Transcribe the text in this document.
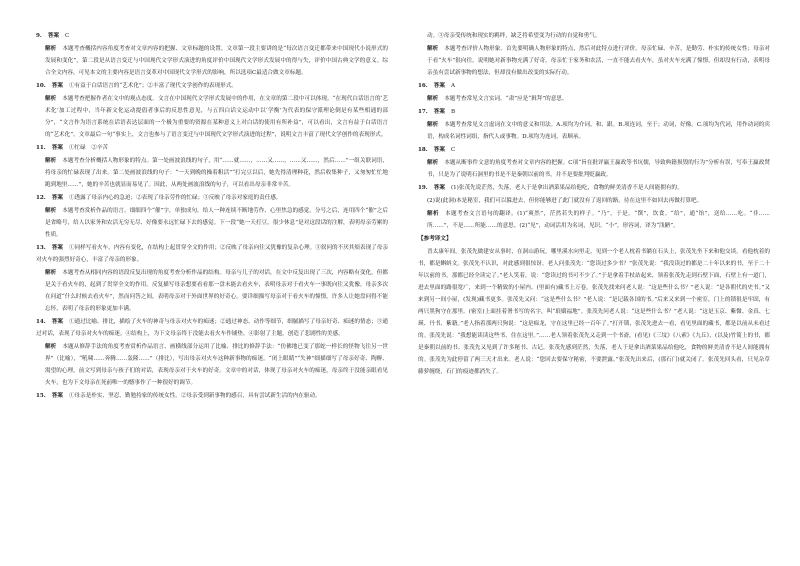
9. 答案 C

解析 本题考查概括内容角度考查对文章内容的把握、文章标题的设置。文章第一段主要讲的是“每次语言变迁都带来中国现代小说形式的发展和变化”，第二段是从语言变迁与中国现代文学形式演进的角度评价中国现代文学形式发展中的得与失，评价中国古典文学的意义。综合全文内容，可见本文的主要内容是语言变革对中国现代文学形式的影响，所以选项C最适合做文章标题。

10. 答案 ①有益于白话语言的“艺术化”；②丰富了现代文学创作的表现形式。

解析 本题考查把握作者在文中的观点态度。文言在中国现代文学形式发展中的作用，在文章的第二段中可以体现。“在现代白话语言的‘艺术化’加工过程中，当年新文化运动提倡者事后的反思性意见，与五四白话文运动中以‘学衡’为代表的保守派理论倒是有某些相通的部分”，“文言作为语言系统在话语表达层面的一个极为重要的资源在某种意义上对白话的使用有所补益”，可以看出，文言有益于白话语言的“艺术化”。文章最后一句“事实上，文言也参与了语言变迁与中国现代文学形式演进的过程”，说明文言丰富了现代文学创作的表现形式。

11. 答案 ①忙碌　②辛苦

解析 本题考查分析概括人物形象的特点。第一处画波浪线的句子，用“……就……，……又……，……又……，然后……”一组关联词语，将母亲的忙碌表现了出来。第二处画波浪线的句子：“一天到晚的操着粗活”“打完豆以后，她先得清理种花，然后收集种子，又匆匆忙忙地跑到地里……”，她的辛苦也就显而易见了。因此，从两处画波浪线的句子，可以看出母亲非常辛苦。

12. 答案 ①透露了母亲内心的急迫；②表现了母亲劳作的忙碌；③反映了母亲对家庭的责任感。

解析 本题考查赏析作品的语言。细细四个“催”字，单独成句，给人一种连续不断地劳作、心里焦急的感觉。分号之后，连用四个“催”之后是省略号，给人以家务和农活无穷无尽、好像要永远忙碌下去的感觉。下一段“她一天打豆，很少休息”是对这段话的注解，表明母亲劳累的性质。

13. 答案 ①同样写看火车，内容有变化，在结构上起贯穿全文的作用；②反映了母亲向往又犹豫的复杂心理。③叙问的不厌其烦表现了母亲对火车的强烈好奇心，丰富了母亲的形象。

解析 本题考查从相同内容的语段反复出现的角度考查分析作品的结构。母亲与儿子的对话，在文中反复出现了三次，内容略有变化，但都是关于看火车的，起到了贯穿全文的作用。反复描写母亲想要看看那一盘未能去看火车，表明母亲对于看火车一事既向往又犹豫。母亲多次在问道“什么时候去看火车”，然而问答之间，表明母亲对于外面世界的好奇心。要详细描写母亲对于看火车的憧憬，许多人让她盘问得不能忘怀，表明了母亲的形象更加丰满。

14. 答案 ①通过比喻、排比，描绘了火车的神奇与母亲对火车的痴迷；②通过神态、动作等细节，细腻描写了母亲好奇、痴迷的情态；③通过对话，表现了母亲对火车的痴迷。④结构上，为下文母亲终于没能去看火车作铺垫，④影射了主题，创造了悲剧性的美感。

解析 本题从修辞手法的角度考查赏析作品语言、画横线部分运用了比喻、排比的修辞手法：“仿佛地已变了那蛇一样长的怪物飞往另一世界”（比喻），“吼啸……奔腾……轰隆……”（排比），写出母亲对火车这种新事物的痴迷。“闭上眼睛”“失神”细描细写了母亲好奇、陶醉、渴望的心理，前文写到母亲与孩子们的对话，表现母亲对于火车的好奇。文章中的对话，体现了母亲对火车的痴迷，母亲终于没能亲眼看见火车，也为下文母亲在死前唯一的憾事作了一种很好的调节。

15. 答案 ①母亲是朴实、坚忍、勤勉持家的传统女性。②母亲受到新事物的感召，具有尝试新生活的内在驱动。

动。③母亲受传统和现实的羁绊，缺乏将希望变为行动的自觉和勇气。

解析 本题考查评价人物形象。首先要明确人物形象的特点，然后对此特点进行评价。母亲忙碌、辛苦，是勤劳、朴实的传统女性；母亲对于看“火车”很向往，说明她对新事物充满了好奇，母亲忙于家务和农活，一直不能去看火车，虽对火车充满了憧憬，但却没有行动，表明母亲虽有尝试新事物的想法，但却没有做出改变的实际行动。

16. 答案 A

解析 本题考查常见文言实词。“肃”应是“揖拜”的意思。

17. 答案 B

解析 本题考查常见文言虚词在文中的意义和用法。A.项均为介词，和、跟。B.项连词，至于；动词，好像。C.项均为代词，用作动词的宾语，构成名词性词组，指代人或事物。D.项均为连词，表顺承。

18. 答案 C

解析 本题从断事件文意的角度考查对文章内容的把握。C项“旨在批评赢王赢政等书坑儒，导致典籍损毁的行为”分析有误，写奉王赢政焚书，只是为了说明石洞里的书是不是秦朝以前的书，并不是要批判贬赢政。

19. 答案 (1)张茂先说茫然，失落，老人于是拿出酒菜果品给他吃，食物的鲜美清香不是人间能拥有的。

(2)说(此洞)本是秘室，我们可以躲进去，但你能够进了此门就没有了返回的路，待在这里不如回去再做打算吧。

解析 本题考查文言语句的翻译。(1)“爽然”，茫然若失的样子。“乃”，于是。“馔”，饮食。“给”，通“饴”，送给……吃。“非……所……”，不是……所能……的意思。(2)“见”，动词活用为名词，见识。“小”，形容词，译为“浅陋”。

【参考译文】

晋太康年间，张茂先做建安从事时，在洞山游玩，哪里溪水向里走，见到一个老人枕着书躺在石头上，张茂先坐下来和他交谈。看他枕着的书，都是蝌蚪文。张茂先不认识，对此感到很惊讶。老人问张茂先：“您读过多少书？”张茂先说：“我没读过的都是二十年以来的书，至于二十年以前的书，那都已经全读完了。”老人笑着，说：“您读过的书可不少了。”于是拿着手杖站起来，领着张茂先走到石壁下面，石壁上有一道门，进去里面的路很宽广，来到一个精致的小屋内。(里面有)藏书上万卷。张茂先找来问老人说：“这是些什么书？”老人说：“是各朝代的史书。”又来到另一间小屋，(发现)藏书更多。张茂先又问：“这是些什么书？”老人说：“是记载各国的书。”后来又来到一个密室，门上的锁很是牢固，有两只黑狗守在那里。(密室)上面挂着署书写的名字，叫“琅嬛福地”。张茂先问老人说：“这是些什么书？”老人说：“这是玉京、紫微、金真、七瑛、丹书、紫籍。”老人指着那两只狗说：“这是痴龙，守在这里已经一百年了。”打开锁，张茂先进去一看，看见里面的藏书，都是以前从未看过的。张茂先说：“我想能读读这些书，住在这里。”……老人领着张茂先又走到一个书斋，(看见)《三坟》《八索》《九丘》，(以及)竹简上的书，都是秦朝以前的书。张茂先又见到了许多秘书、古记。张茂先感到茫然，失落，老人于是拿出酒菜果品给他吃，食物的鲜美清香不是人间能拥有的。张茂先为此停留了两三天才出来。老人说：“您回去要保守秘密，不要泄露。”张茂先出来后，(那石门)就关闭了。张茂先回头看，只见杂草藤萝缠绕，石门的痕迹都消失了。
